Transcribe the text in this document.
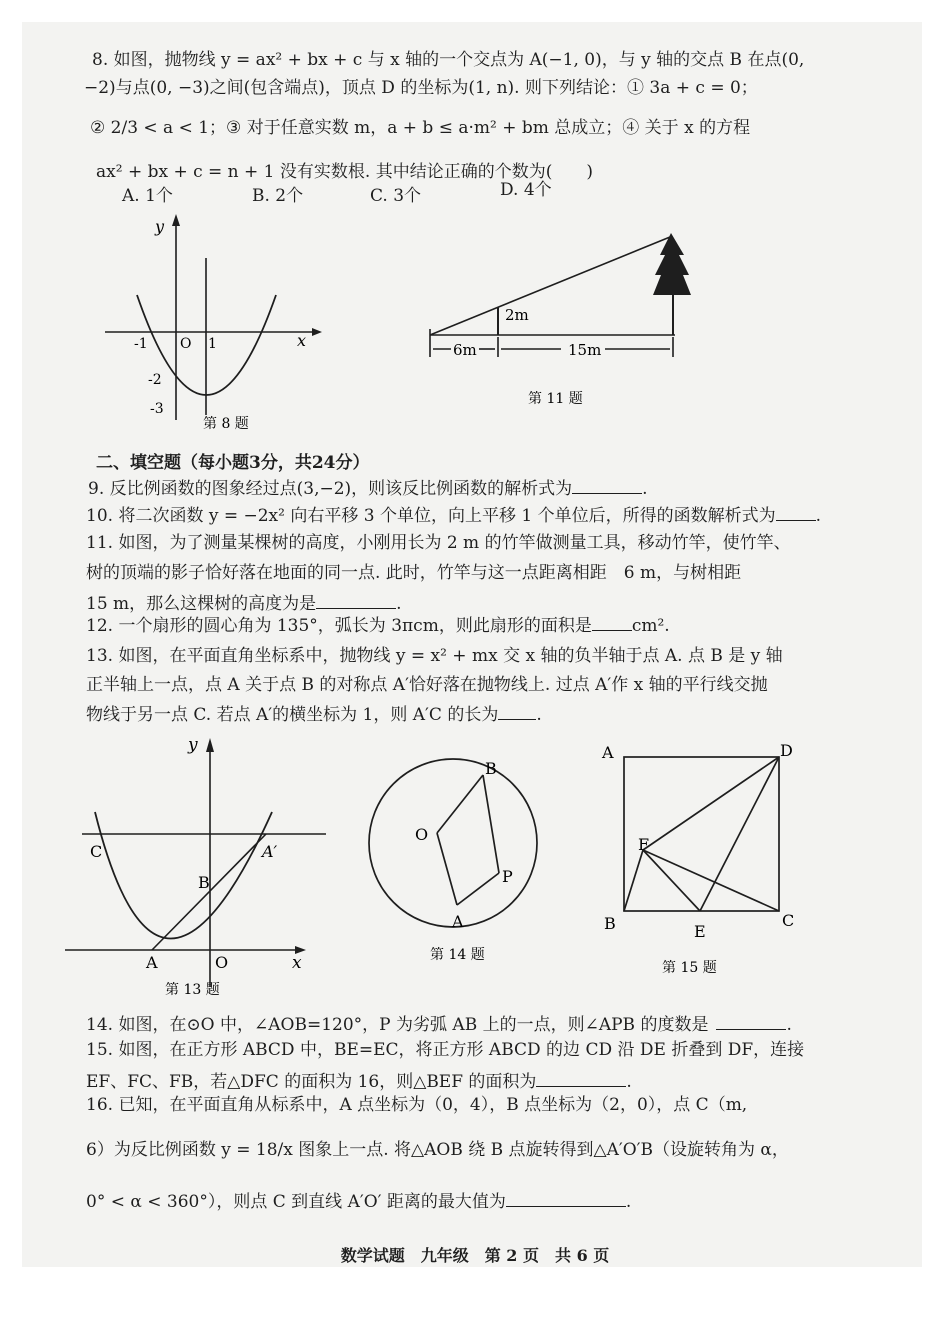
8. 如图，抛物线 y = ax² + bx + c 与 x 轴的一个交点为 A(−1, 0)，与 y 轴的交点 B 在点(0,
−2)与点(0, −3)之间(包含端点)，顶点 D 的坐标为(1, n). 则下列结论：① 3a + c = 0；
② 2/3 < a < 1；③ 对于任意实数 m，a + b ≤ a·m² + bm 总成立；④ 关于 x 的方程
ax² + bx + c = n + 1 没有实数根. 其中结论正确的个数为(　　)
A. 1个	B. 2个	C. 3个	D. 4个
y
x
-1 O 1
-2
-3
第 8 题
2m
6m	15m
第 11 题
二、填空题（每小题3分，共24分）
9. 反比例函数的图象经过点(3,−2)，则该反比例函数的解析式为	.
10. 将二次函数 y = −2x² 向右平移 3 个单位，向上平移 1 个单位后，所得的函数解析式为 .
11. 如图，为了测量某棵树的高度，小刚用长为 2 m 的竹竿做测量工具，移动竹竿，使竹竿、
树的顶端的影子恰好落在地面的同一点. 此时，竹竿与这一点距离相距　6 m，与树相距
15 m，那么这棵树的高度为是	.
12. 一个扇形的圆心角为 135°，弧长为 3πcm，则此扇形的面积是 cm².
13. 如图，在平面直角坐标系中，抛物线 y = x² + mx 交 x 轴的负半轴于点 A. 点 B 是 y 轴
正半轴上一点，点 A 关于点 B 的对称点 A′恰好落在抛物线上. 过点 A′作 x 轴的平行线交抛
物线于另一点 C. 若点 A′的横坐标为 1，则 A′C 的长为 .
y
x
C	A′
B
A	O
第 13 题
B
O
P
A
第 14 题
A	D
F
B	E
C
第 15 题
14. 如图，在⊙O 中，∠AOB=120°，P 为劣弧 AB 上的一点，则∠APB 的度数是	.
15. 如图，在正方形 ABCD 中，BE=EC，将正方形 ABCD 的边 CD 沿 DE 折叠到 DF，连接
EF、FC、FB，若△DFC 的面积为 16，则△BEF 的面积为	.
16. 已知，在平面直角从标系中，A 点坐标为（0，4），B 点坐标为（2，0），点 C（m,
6）为反比例函数 y = 18/x 图象上一点. 将△AOB 绕 B 点旋转得到△A′O′B（设旋转角为 α，
0° < α < 360°），则点 C 到直线 A′O′ 距离的最大值为	.
数学试题　九年级　第 2 页　共 6 页
